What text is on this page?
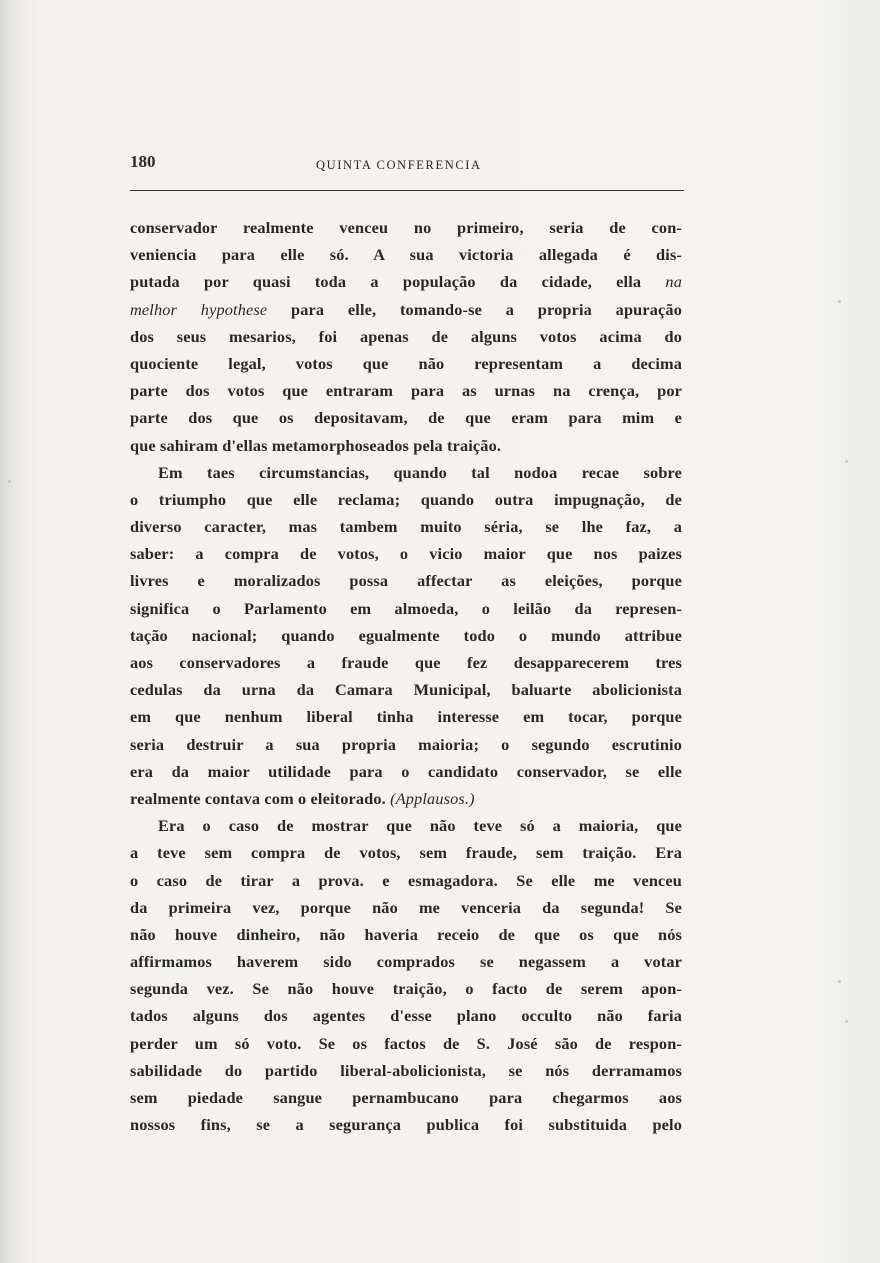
180	QUINTA CONFERENCIA
conservador realmente venceu no primeiro, seria de con-
veniencia para elle só. A sua victoria allegada é dis-
putada por quasi toda a população da cidade, ella na
melhor hypothese para elle, tomando-se a propria apuração
dos seus mesarios, foi apenas de alguns votos acima do
quociente legal, votos que não representam a decima
parte dos votos que entraram para as urnas na crença, por
parte dos que os depositavam, de que eram para mim e
que sahiram d'ellas metamorphoseados pela traição.
Em taes circumstancias, quando tal nodoa recae sobre
o triumpho que elle reclama; quando outra impugnação, de
diverso caracter, mas tambem muito séria, se lhe faz, a
saber: a compra de votos, o vicio maior que nos paizes
livres e moralizados possa affectar as eleições, porque
significa o Parlamento em almoeda, o leilão da represen-
tação nacional; quando egualmente todo o mundo attribue
aos conservadores a fraude que fez desapparecerem tres
cedulas da urna da Camara Municipal, baluarte abolicionista
em que nenhum liberal tinha interesse em tocar, porque
seria destruir a sua propria maioria; o segundo escrutinio
era da maior utilidade para o candidato conservador, se elle
realmente contava com o eleitorado. (Applausos.)
Era o caso de mostrar que não teve só a maioria, que
a teve sem compra de votos, sem fraude, sem traição. Era
o caso de tirar a prova. e esmagadora. Se elle me venceu
da primeira vez, porque não me venceria da segunda! Se
não houve dinheiro, não haveria receio de que os que nós
affirmamos haverem sido comprados se negassem a votar
segunda vez. Se não houve traição, o facto de serem apon-
tados alguns dos agentes d'esse plano occulto não faria
perder um só voto. Se os factos de S. José são de respon-
sabilidade do partido liberal-abolicionista, se nós derramamos
sem piedade sangue pernambucano para chegarmos aos
nossos fins, se a segurança publica foi substituida pelo
